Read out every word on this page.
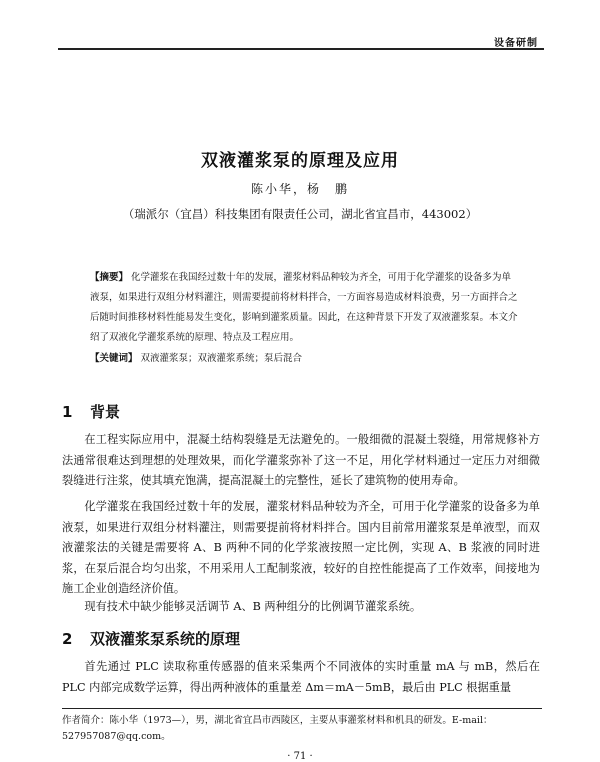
设备研制
双液灌浆泵的原理及应用
陈小华，杨　鹏
（瑞派尔（宜昌）科技集团有限责任公司，湖北省宜昌市，443002）

【摘要】 化学灌浆在我国经过数十年的发展，灌浆材料品种较为齐全，可用于化学灌浆的设备多为单液泵，如果进行双组分材料灌注，则需要提前将材料拌合，一方面容易造成材料浪费，另一方面拌合之后随时间推移材料性能易发生变化，影响到灌浆质量。因此，在这种背景下开发了双液灌浆泵。本文介绍了双液化学灌浆系统的原理、特点及工程应用。

【关键词】 双液灌浆泵；双液灌浆系统；泵后混合

1 背景

在工程实际应用中，混凝土结构裂缝是无法避免的。一般细微的混凝土裂缝，用常规修补方法通常很难达到理想的处理效果，而化学灌浆弥补了这一不足，用化学材料通过一定压力对细微裂缝进行注浆，使其填充饱满，提高混凝土的完整性，延长了建筑物的使用寿命。

化学灌浆在我国经过数十年的发展，灌浆材料品种较为齐全，可用于化学灌浆的设备多为单液泵，如果进行双组分材料灌注，则需要提前将材料拌合。国内目前常用灌浆泵是单液型，而双液灌浆法的关键是需要将 A、B 两种不同的化学浆液按照一定比例，实现 A、B 浆液的同时进浆，在泵后混合均匀出浆，不用采用人工配制浆液，较好的自控性能提高了工作效率，间接地为施工企业创造经济价值。

现有技术中缺少能够灵活调节 A、B 两种组分的比例调节灌浆系统。

2 双液灌浆泵系统的原理

首先通过 PLC 读取称重传感器的值来采集两个不同液体的实时重量 mA 与 mB，然后在 PLC 内部完成数学运算，得出两种液体的重量差 Δm＝mA－5mB，最后由 PLC 根据重量

作者简介：陈小华（1973—），男，湖北省宜昌市西陵区，主要从事灌浆材料和机具的研发。E-mail：527957087@qq.com。

· 71 ·
